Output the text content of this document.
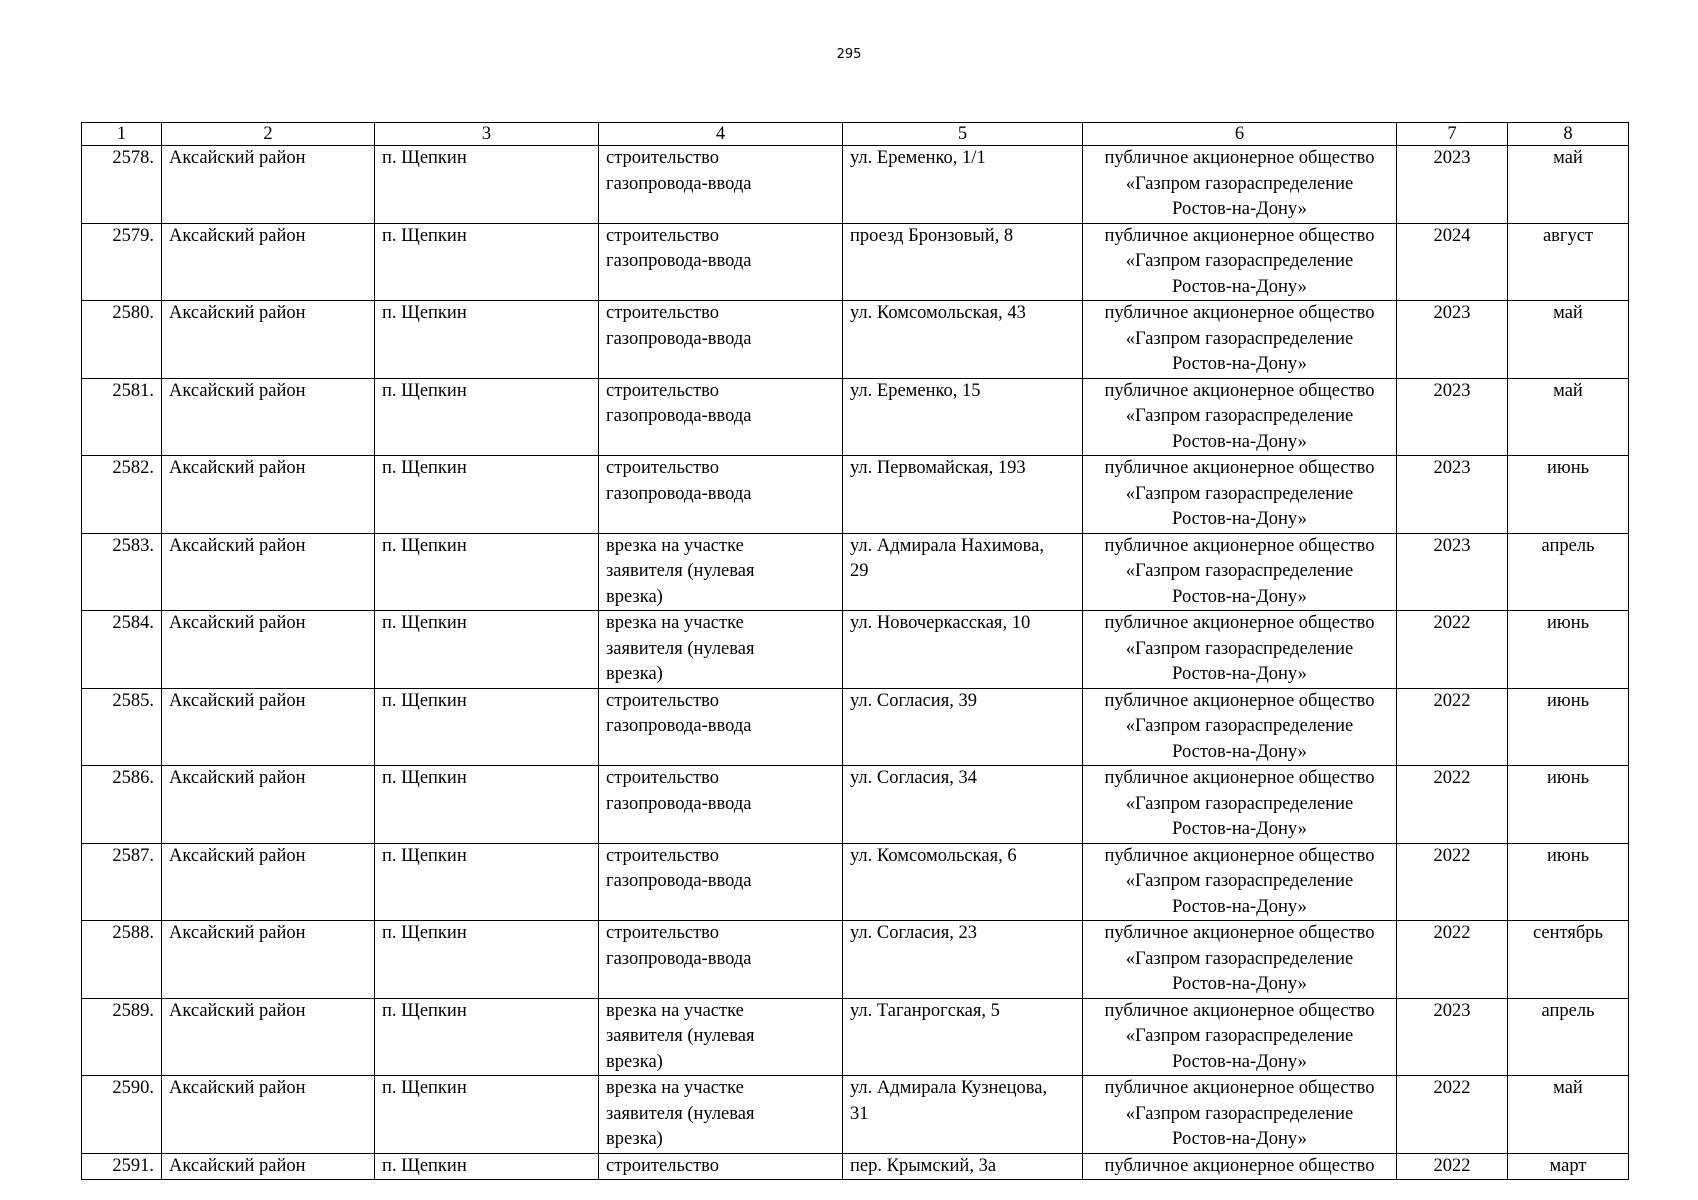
295
1	2	3	4	5	6	7	8
2578.	Аксайский район	п. Щепкин	строительство
газопровода-ввода	ул. Еременко, 1/1	публичное акционерное общество
«Газпром газораспределение
Ростов-на-Дону»	2023	май
2579.	Аксайский район	п. Щепкин	строительство
газопровода-ввода	проезд Бронзовый, 8	публичное акционерное общество
«Газпром газораспределение
Ростов-на-Дону»	2024	август
2580.	Аксайский район	п. Щепкин	строительство
газопровода-ввода	ул. Комсомольская, 43	публичное акционерное общество
«Газпром газораспределение
Ростов-на-Дону»	2023	май
2581.	Аксайский район	п. Щепкин	строительство
газопровода-ввода	ул. Еременко, 15	публичное акционерное общество
«Газпром газораспределение
Ростов-на-Дону»	2023	май
2582.	Аксайский район	п. Щепкин	строительство
газопровода-ввода	ул. Первомайская, 193	публичное акционерное общество
«Газпром газораспределение
Ростов-на-Дону»	2023	июнь
2583.	Аксайский район	п. Щепкин	врезка на участке
заявителя (нулевая
врезка)	ул. Адмирала Нахимова,
29	публичное акционерное общество
«Газпром газораспределение
Ростов-на-Дону»	2023	апрель
2584.	Аксайский район	п. Щепкин	врезка на участке
заявителя (нулевая
врезка)	ул. Новочеркасская, 10	публичное акционерное общество
«Газпром газораспределение
Ростов-на-Дону»	2022	июнь
2585.	Аксайский район	п. Щепкин	строительство
газопровода-ввода	ул. Согласия, 39	публичное акционерное общество
«Газпром газораспределение
Ростов-на-Дону»	2022	июнь
2586.	Аксайский район	п. Щепкин	строительство
газопровода-ввода	ул. Согласия, 34	публичное акционерное общество
«Газпром газораспределение
Ростов-на-Дону»	2022	июнь
2587.	Аксайский район	п. Щепкин	строительство
газопровода-ввода	ул. Комсомольская, 6	публичное акционерное общество
«Газпром газораспределение
Ростов-на-Дону»	2022	июнь
2588.	Аксайский район	п. Щепкин	строительство
газопровода-ввода	ул. Согласия, 23	публичное акционерное общество
«Газпром газораспределение
Ростов-на-Дону»	2022	сентябрь
2589.	Аксайский район	п. Щепкин	врезка на участке
заявителя (нулевая
врезка)	ул. Таганрогская, 5	публичное акционерное общество
«Газпром газораспределение
Ростов-на-Дону»	2023	апрель
2590.	Аксайский район	п. Щепкин	врезка на участке
заявителя (нулевая
врезка)	ул. Адмирала Кузнецова,
31	публичное акционерное общество
«Газпром газораспределение
Ростов-на-Дону»	2022	май
2591.	Аксайский район	п. Щепкин	строительство	пер. Крымский, 3а	публичное акционерное общество	2022	март
